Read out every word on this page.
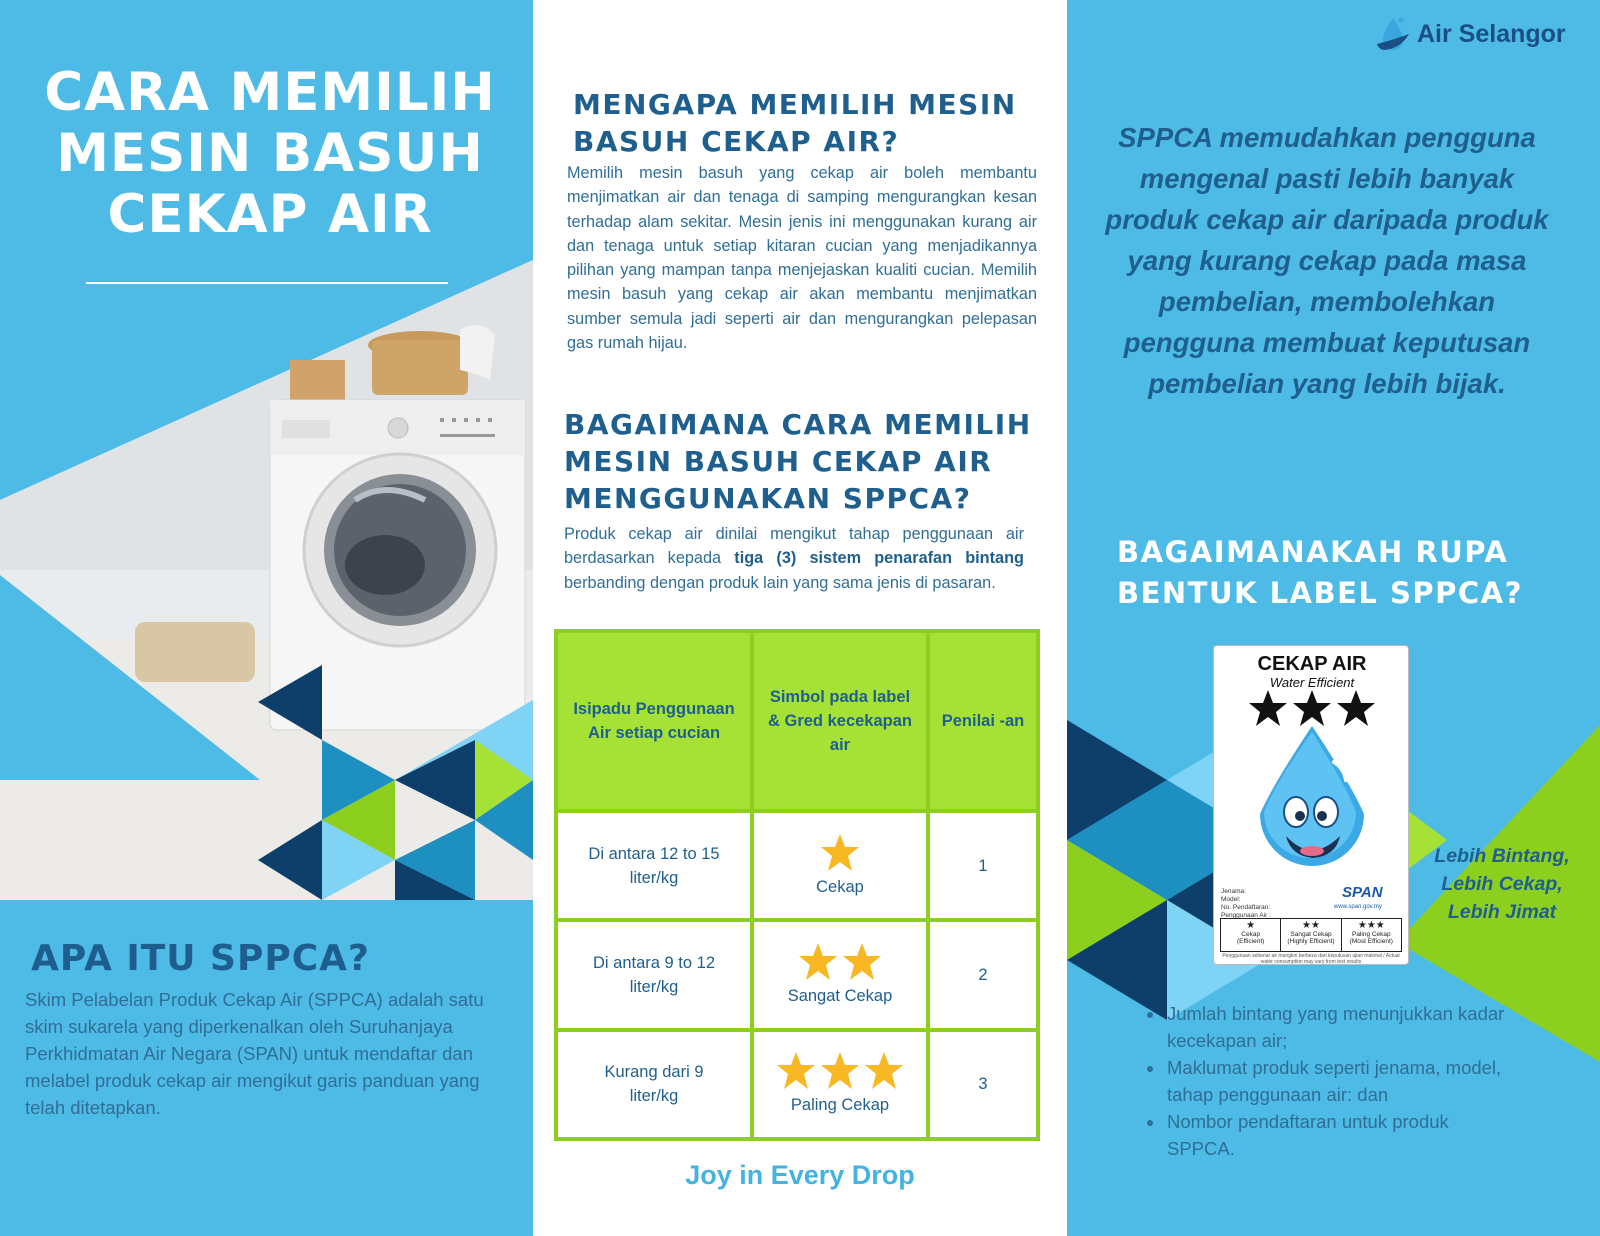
CARA MEMILIH MESIN BASUH CEKAP AIR
APA ITU SPPCA?

Skim Pelabelan Produk Cekap Air (SPPCA) adalah satu skim sukarela yang diperkenalkan oleh Suruhanjaya Perkhidmatan Air Negara (SPAN) untuk mendaftar dan melabel produk cekap air mengikut garis panduan yang telah ditetapkan.

MENGAPA MEMILIH MESIN BASUH CEKAP AIR?

Memilih mesin basuh yang cekap air boleh membantu menjimatkan air dan tenaga di samping mengurangkan kesan terhadap alam sekitar. Mesin jenis ini menggunakan kurang air dan tenaga untuk setiap kitaran cucian yang menjadikannya pilihan yang mampan tanpa menjejaskan kualiti cucian. Memilih mesin basuh yang cekap air akan membantu menjimatkan sumber semula jadi seperti air dan mengurangkan pelepasan gas rumah hijau.

BAGAIMANA CARA MEMILIH MESIN BASUH CEKAP AIR MENGGUNAKAN SPPCA?

Produk cekap air dinilai mengikut tahap penggunaan air berdasarkan kepada tiga (3) sistem penarafan bintang berbanding dengan produk lain yang sama jenis di pasaran.

Isipadu Penggunaan Air setiap cucian	Simbol pada label & Gred kecekapan air	Penilai -an
Di antara 12 to 15 liter/kg	Cekap	1
Di antara 9 to 12 liter/kg	Sangat Cekap	2
Kurang dari 9 liter/kg	Paling Cekap	3
Joy in Every Drop
Air Selangor

SPPCA memudahkan pengguna mengenal pasti lebih banyak produk cekap air daripada produk yang kurang cekap pada masa pembelian, membolehkan pengguna membuat keputusan pembelian yang lebih bijak.

BAGAIMANAKAH RUPA BENTUK LABEL SPPCA?
CEKAP AIR
Water Efficient
Jenama:
Model:
No. Pendaftaran:
Penggunaan Air :
SPAN
www.span.gov.my
★
Cekap
(Efficient)
★★
Sangat Cekap
(Highly Efficient)
★★★
Paling Cekap
(Most Efficient)
Penggunaan sebenar air mungkin berbeza dari keputusan ujian makmal / Actual water consumption may vary from test results
Lebih Bintang, Lebih Cekap, Lebih Jimat
• Jumlah bintang yang menunjukkan kadar kecekapan air;
• Maklumat produk seperti jenama, model, tahap penggunaan air: dan
• Nombor pendaftaran untuk produk SPPCA.
